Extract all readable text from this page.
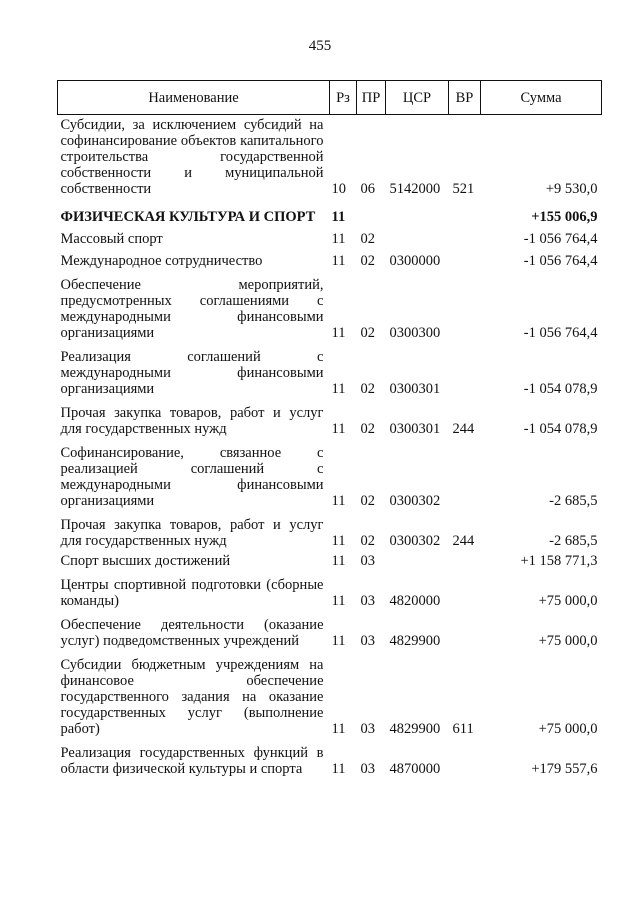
455
Наименование	Рз	ПР	ЦСР	ВР	Сумма
Субсидии, за исключением субсидий на софинансирование объектов капитального строительства государственной собственности и муниципальной собственности	10	06	5142000	521	+9 530,0
ФИЗИЧЕСКАЯ КУЛЬТУРА И СПОРТ	11				+155 006,9
Массовый спорт	11	02			-1 056 764,4
Международное сотрудничество	11	02	0300000		-1 056 764,4
Обеспечение мероприятий, предусмотренных соглашениями с международными финансовыми организациями	11	02	0300300		-1 056 764,4
Реализация соглашений с международными финансовыми организациями	11	02	0300301		-1 054 078,9
Прочая закупка товаров, работ и услуг для государственных нужд	11	02	0300301	244	-1 054 078,9
Софинансирование, связанное с реализацией соглашений с международными финансовыми организациями	11	02	0300302		-2 685,5
Прочая закупка товаров, работ и услуг для государственных нужд	11	02	0300302	244	-2 685,5
Спорт высших достижений	11	03			+1 158 771,3
Центры спортивной подготовки (сборные команды)	11	03	4820000		+75 000,0
Обеспечение деятельности (оказание услуг) подведомственных учреждений	11	03	4829900		+75 000,0
Субсидии бюджетным учреждениям на финансовое обеспечение государственного задания на оказание государственных услуг (выполнение работ)	11	03	4829900	611	+75 000,0
Реализация государственных функций в области физической культуры и спорта	11	03	4870000		+179 557,6
